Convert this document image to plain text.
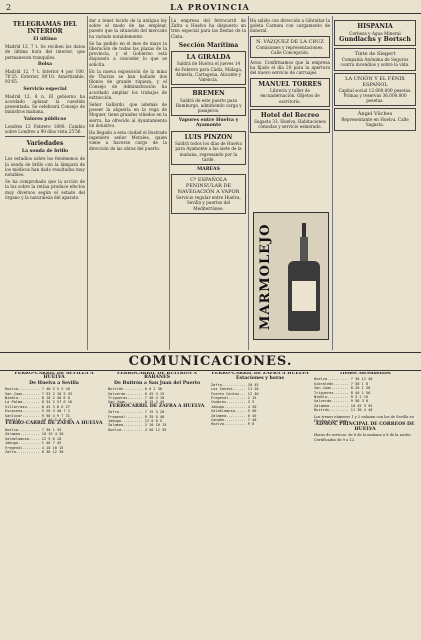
2	LA PROVINCIA
TELEGRAMAS DEL INTERIOR
El último

Madrid 12, 7 t. Se reciben los datos de última hora del interior, que permanecen tranquilos.

Bolsa

Madrid 12, 7 t. Interior 4 por 100, 76'25. Exterior, 80'10. Amortizable, 93'65.

Servicio especial

Madrid 12, 8 n. El gobierno ha acordado aplazar la cuestión presentada. Se celebrará Consejo de ministros mañana.

Valores públicos

Londres 12 Febrero 1890. Cambio sobre Londres a 90 días vista 25'56.

Variedades
La sonda de brillo

Los estudios sobre los fenómenos de la sonda de brillo con la lámpara de los médicos han dado resultados muy notables.

Se ha comprobado que la acción de la luz sobre la retina produce efectos muy diversos según el estado del órgano y la naturaleza del aparato.

dar a tener lucido de la antigua ley sobre el modo de las emplear, puesto que la situación del mercado ha variado notablemente.

Se ha pedido en el mes de mayo la liberación de todas las plazas de la provincia, y el Gobierno está dispuesto a conceder lo que se solicita.

En la nueva exposición de la mina de Tharsis se han hallado dos filones de grande riqueza, y el Consejo de Administración ha acordado ampliar los trabajos de extracción.

Señor Gallardo, que además de poseer la alquería en la vega de Moguer, tiene grandes viñedos en la sierra, ha ofrecido al Ayuntamiento un donativo.

Ha llegado a esta ciudad el ilustrado ingeniero señor Morales, quien viene a hacerse cargo de la dirección de las obras del puerto.

La empresa del ferrocarril de Zafra a Huelva ha dispuesto un tren especial para las fiestas de la Cinta.

Sección Marítima
LA GIRALDA
Saldrá de Huelva el jueves 14 de Febrero para Cádiz, Málaga, Almería, Cartagena, Alicante y Valencia.
BREMEN
Saldrá de este puerto para Hamburgo, admitiendo carga y pasajeros.
Vapores entre Huelva y Ayamonte
LUIS PINZON
Saldrá todos los días de Huelva para Ayamonte a las siete de la mañana, regresando por la tarde.
MAREAS
Cª ESPAÑOLA PENINSULAR DE NAVEGACIÓN A VAPOR
Servicio regular entre Huelva, Sevilla y puertos del Mediterráneo.

Ha salido con dirección a Gibraltar la goleta Carmen con cargamento de mineral.

N. VÁZQUEZ DE LA CRUZ
Comisiones y representaciones. Calle Concepción.

Aviso. Confirmamos que la empresa ha fijado el día 20 para la apertura del nuevo servicio de carruajes.

MANUEL TORRES
Librería y taller de encuadernación. Objetos de escritorio.
Hotel del Recreo
Sagasta 33. Huelva. Habitaciones cómodas y servicio esmerado.
MARMOLEJO
HISPANIA
Cerbeza y Agua Mineral
Gundlachs y Bortsch
Tinte de Siegert
Compañía Anónima de Seguros contra incendios y sobre la vida.
LA UNIÓN Y EL FÉNIX ESPAÑOL
Capital social 12.000.000 pesetas. Primas y reservas 36.000.000 pesetas.
Ángel Vilches
Representante en Huelva. Calle Sagasta.
COMUNICACIONES.
FERRO-CARRIL DE SEVILLA A HUELVA
De Huelva a Sevilla
Huelva.......... 7 40 2 5 5 20
San Juan........ 7 53 2 18 5 33
Niebla.......... 8 18 2 40 6 0
La Palma........ 8 34 2 57 6 16
Villarrasa...... 8 45 3 8 6 27
Escacena........ 9 20 3 40 7 2
Sanlúcar........ 9 50 4 9 7 31
Sevilla......... 10 45 5 0 8 25
FERRO-CARRIL DE ZAFRA A HUELVA
Huelva.......... 7 30 1 35
Zalamea......... 10 15 4 20
Valdelamusa..... 12 5 6 10
Jabugo.......... 1 40 7 45
Fregenal........ 4 10 10 15
Zafra........... 6 30 12 30
FERROCARRIL DE BUITRÓN A RÁBANES
De Buitrón a San Juan del Puerto
Buitrón......... 6 0 2 30
Valverde........ 6 45 3 15
Trigueros....... 7 40 4 10
San Juan........ 8 15 4 45
FERROCARRIL DE ZAFRA A HUELVA
Zafra........... 7 15 3 20
Fregenal........ 9 35 5 40
Jabugo.......... 12 0 8 5
Zalamea......... 2 10 10 15
Huelva.......... 4 50 12 55
FERRO-CARRIL DE ZAFRA A HUELVA
Estaciones y horas
Zafra........... 10 45
Los Santos...... 11 20
Fuente Cantos... 12 40
Fregenal........ 2 15
Cumbres......... 3 5
Jabugo.......... 4 30
Valdelamusa..... 5 50
Zalamea......... 6 45
Candón.......... 7 40
Huelva.......... 9 0
Trenes Ascendentes
Huelva.......... 7 30 12 40
Gibraleón....... 7 58 1 8
San Juan........ 8 20 1 30
Trigueros....... 8 40 1 50
Niebla.......... 9 5 2 15
Valverde........ 9 50 3 0
Zalamea......... 10 45 3 55
Buitrón......... 11 30 4 40
Los trenes números 1 y 2 enlazan con los de Sevilla en Huelva y San Juan.
ADMON. PRINCIPAL DE CORREOS DE HUELVA
Horas de servicio: de 8 de la mañana a 8 de la noche. Certificados de 9 a 12.
